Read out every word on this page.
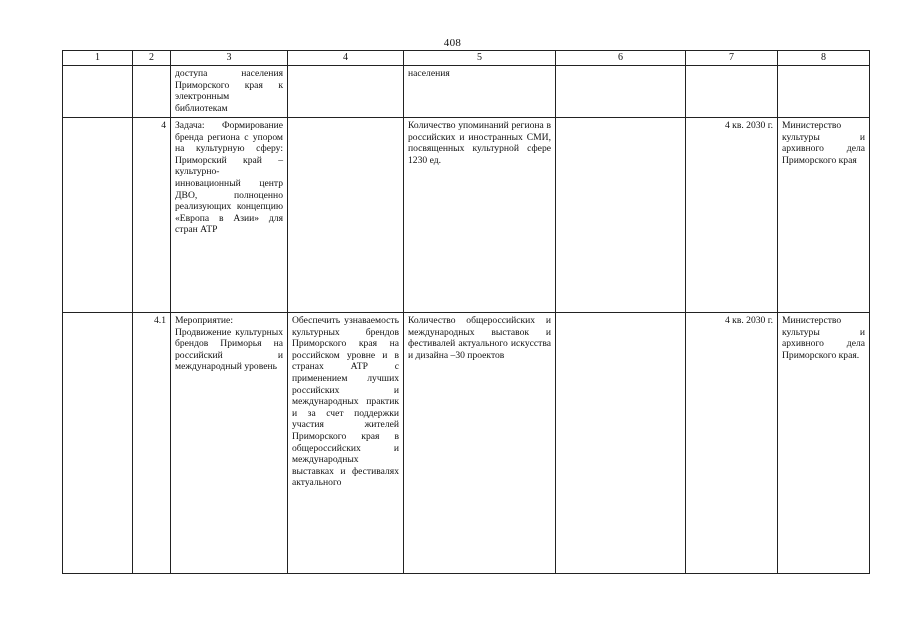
408
1	2	3	4	5	6	7	8
		доступа населения Приморского края к электронным библиотекам		населения			
	4	Задача: Формирование бренда региона с упором на культурную сферу: Приморский край – культурно-инновационный центр ДВО, полноценно реализующих концепцию «Европа в Азии» для стран АТР		Количество упоминаний региона в российских и иностранных СМИ, посвященных культурной сфере 1230 ед.		4 кв. 2030 г.	Министерство культуры и архивного дела Приморского края
	4.1	Мероприятие: Продвижение культурных брендов Приморья на российский и международный уровень	Обеспечить узнаваемость культурных брендов Приморского края на российском уровне и в странах АТР с применением лучших российских и международных практик и за счет поддержки участия жителей Приморского края в общероссийских и международных выставках и фестивалях актуального	Количество общероссийских и международных выставок и фестивалей актуального искусства и дизайна –30 проектов		4 кв. 2030 г.	Министерство культуры и архивного дела Приморского края.
